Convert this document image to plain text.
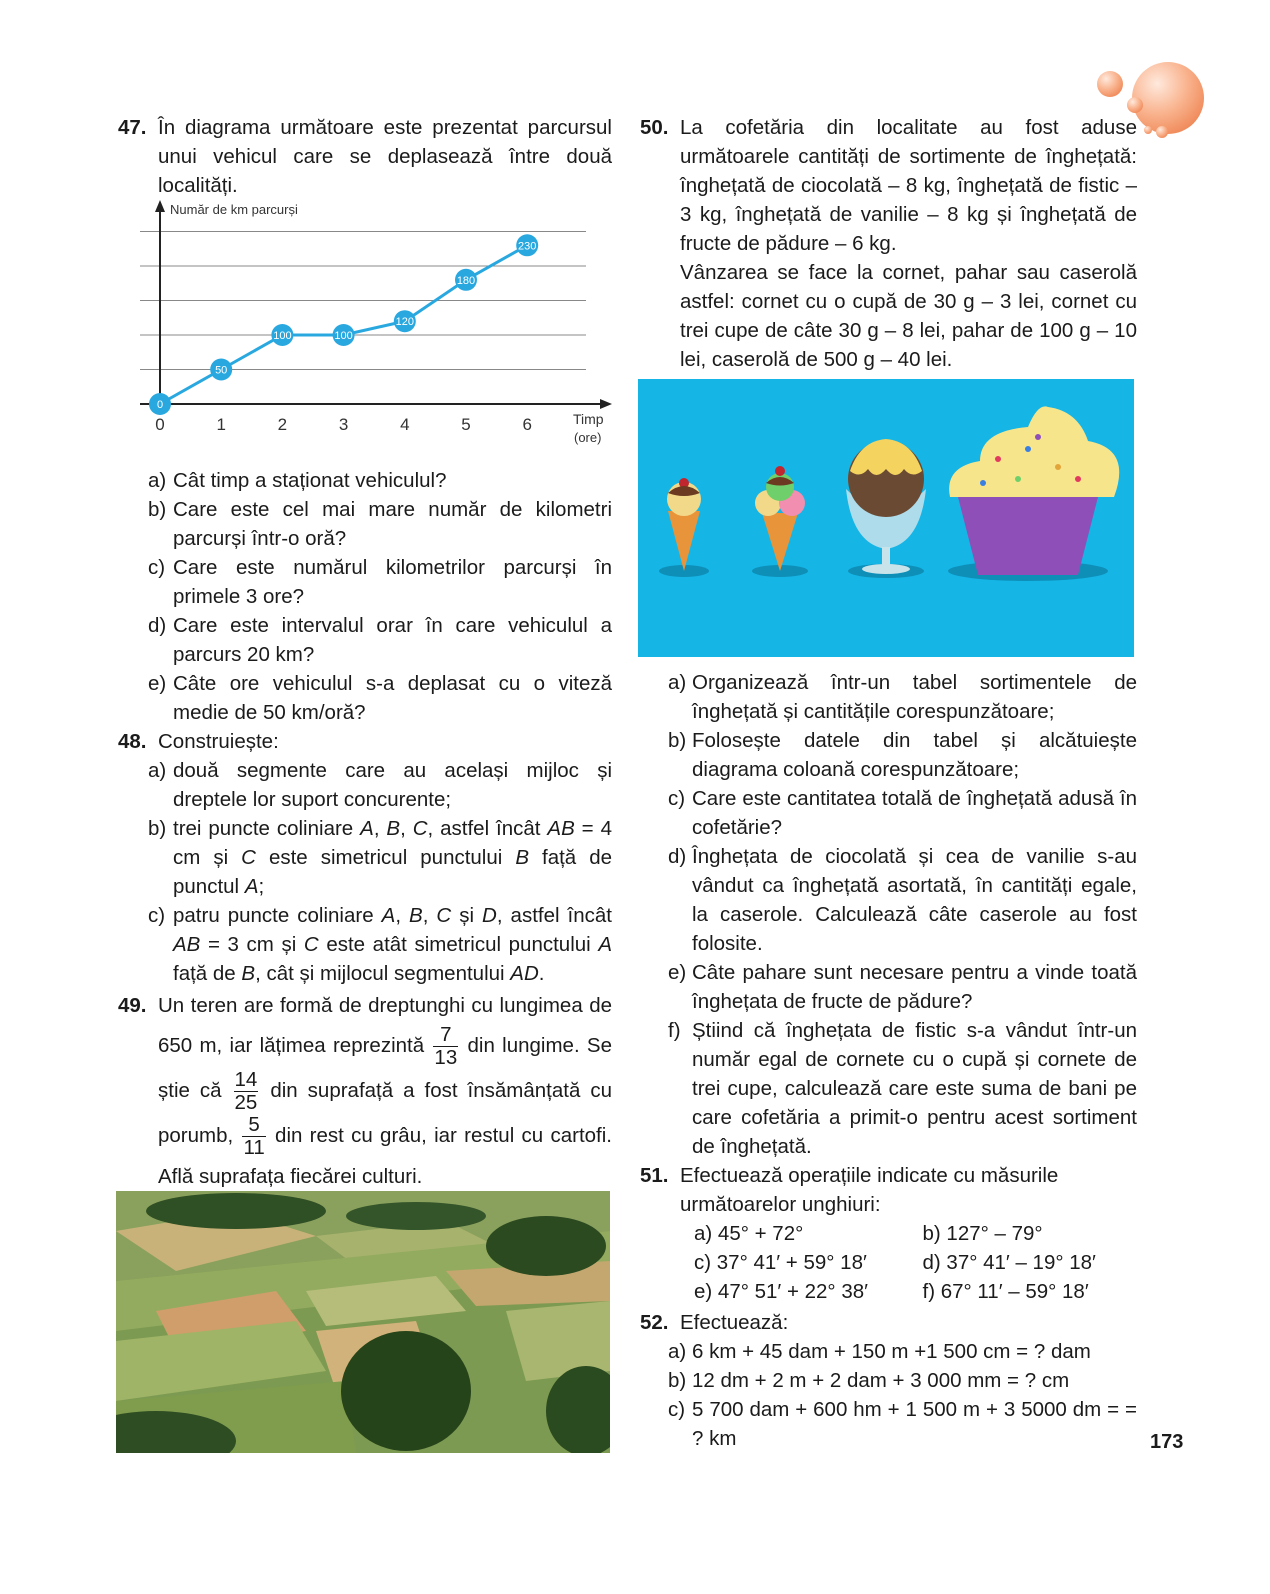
47. În diagrama următoare este prezentat parcursul unui vehicul care se deplasează între două localități.
Număr de km parcurși
Timp
(ore)
0	1	2	3	4	5	6
0
50
100	100
120
180
230
a) Cât timp a staționat vehiculul?
b) Care este cel mai mare număr de kilometri parcurși într-o oră?
c) Care este numărul kilometrilor parcurși în primele 3 ore?
d) Care este intervalul orar în care vehiculul a parcurs 20 km?
e) Câte ore vehiculul s-a deplasat cu o viteză medie de 50 km/oră?
48. Construiește:
a) două segmente care au același mijloc și dreptele lor suport concurente;
b) trei puncte coliniare A, B, C, astfel încât AB = 4 cm și C este simetricul punctului B față de punctul A;
c) patru puncte coliniare A, B, C și D, astfel încât AB = 3 cm și C este atât simetricul punctului A față de B, cât și mijlocul segmentului AD.
49. Un teren are formă de dreptunghi cu lungimea de 650 m, iar lățimea reprezintă $\frac{7}{13}$ din lungime. Se știe că $\frac{14}{25}$ din suprafață a fost însămânțată cu porumb, $\frac{5}{11}$ din rest cu grâu, iar restul cu cartofi. Află suprafața fiecărei culturi.
50. La cofetăria din localitate au fost aduse următoarele cantități de sortimente de înghețată: înghețată de ciocolată – 8 kg, înghețată de fistic – 3 kg, înghețată de vanilie – 8 kg și înghețată de fructe de pădure – 6 kg.
Vânzarea se face la cornet, pahar sau caserolă astfel: cornet cu o cupă de 30 g – 3 lei, cornet cu trei cupe de câte 30 g – 8 lei, pahar de 100 g – 10 lei, caserolă de 500 g – 40 lei.
a) Organizează într-un tabel sortimentele de înghețată și cantitățile corespunzătoare;
b) Folosește datele din tabel și alcătuiește diagrama coloană corespunzătoare;
c) Care este cantitatea totală de înghețată adusă în cofetărie?
d) Înghețata de ciocolată și cea de vanilie s-au vândut ca înghețată asortată, în cantități egale, la caserole. Calculează câte caserole au fost folosite.
e) Câte pahare sunt necesare pentru a vinde toată înghețata de fructe de pădure?
f) Știind că înghețata de fistic s-a vândut într-un număr egal de cornete cu o cupă și cornete de trei cupe, calculează care este suma de bani pe care cofetăria a primit-o pentru acest sortiment de înghețată.
51. Efectuează operațiile indicate cu măsurile următoarelor unghiuri:
a) 45° + 72°	b) 127° – 79°
c) 37° 41′ + 59° 18′	d) 37° 41′ – 19° 18′
e) 47° 51′ + 22° 38′	f) 67° 11′ – 59° 18′
52. Efectuează:
a) 6 km + 45 dam + 150 m +1 500 cm = ? dam
b) 12 dm + 2 m + 2 dam + 3 000 mm = ? cm
c) 5 700 dam + 600 hm + 1 500 m + 3 5000 dm = = ? km	173
